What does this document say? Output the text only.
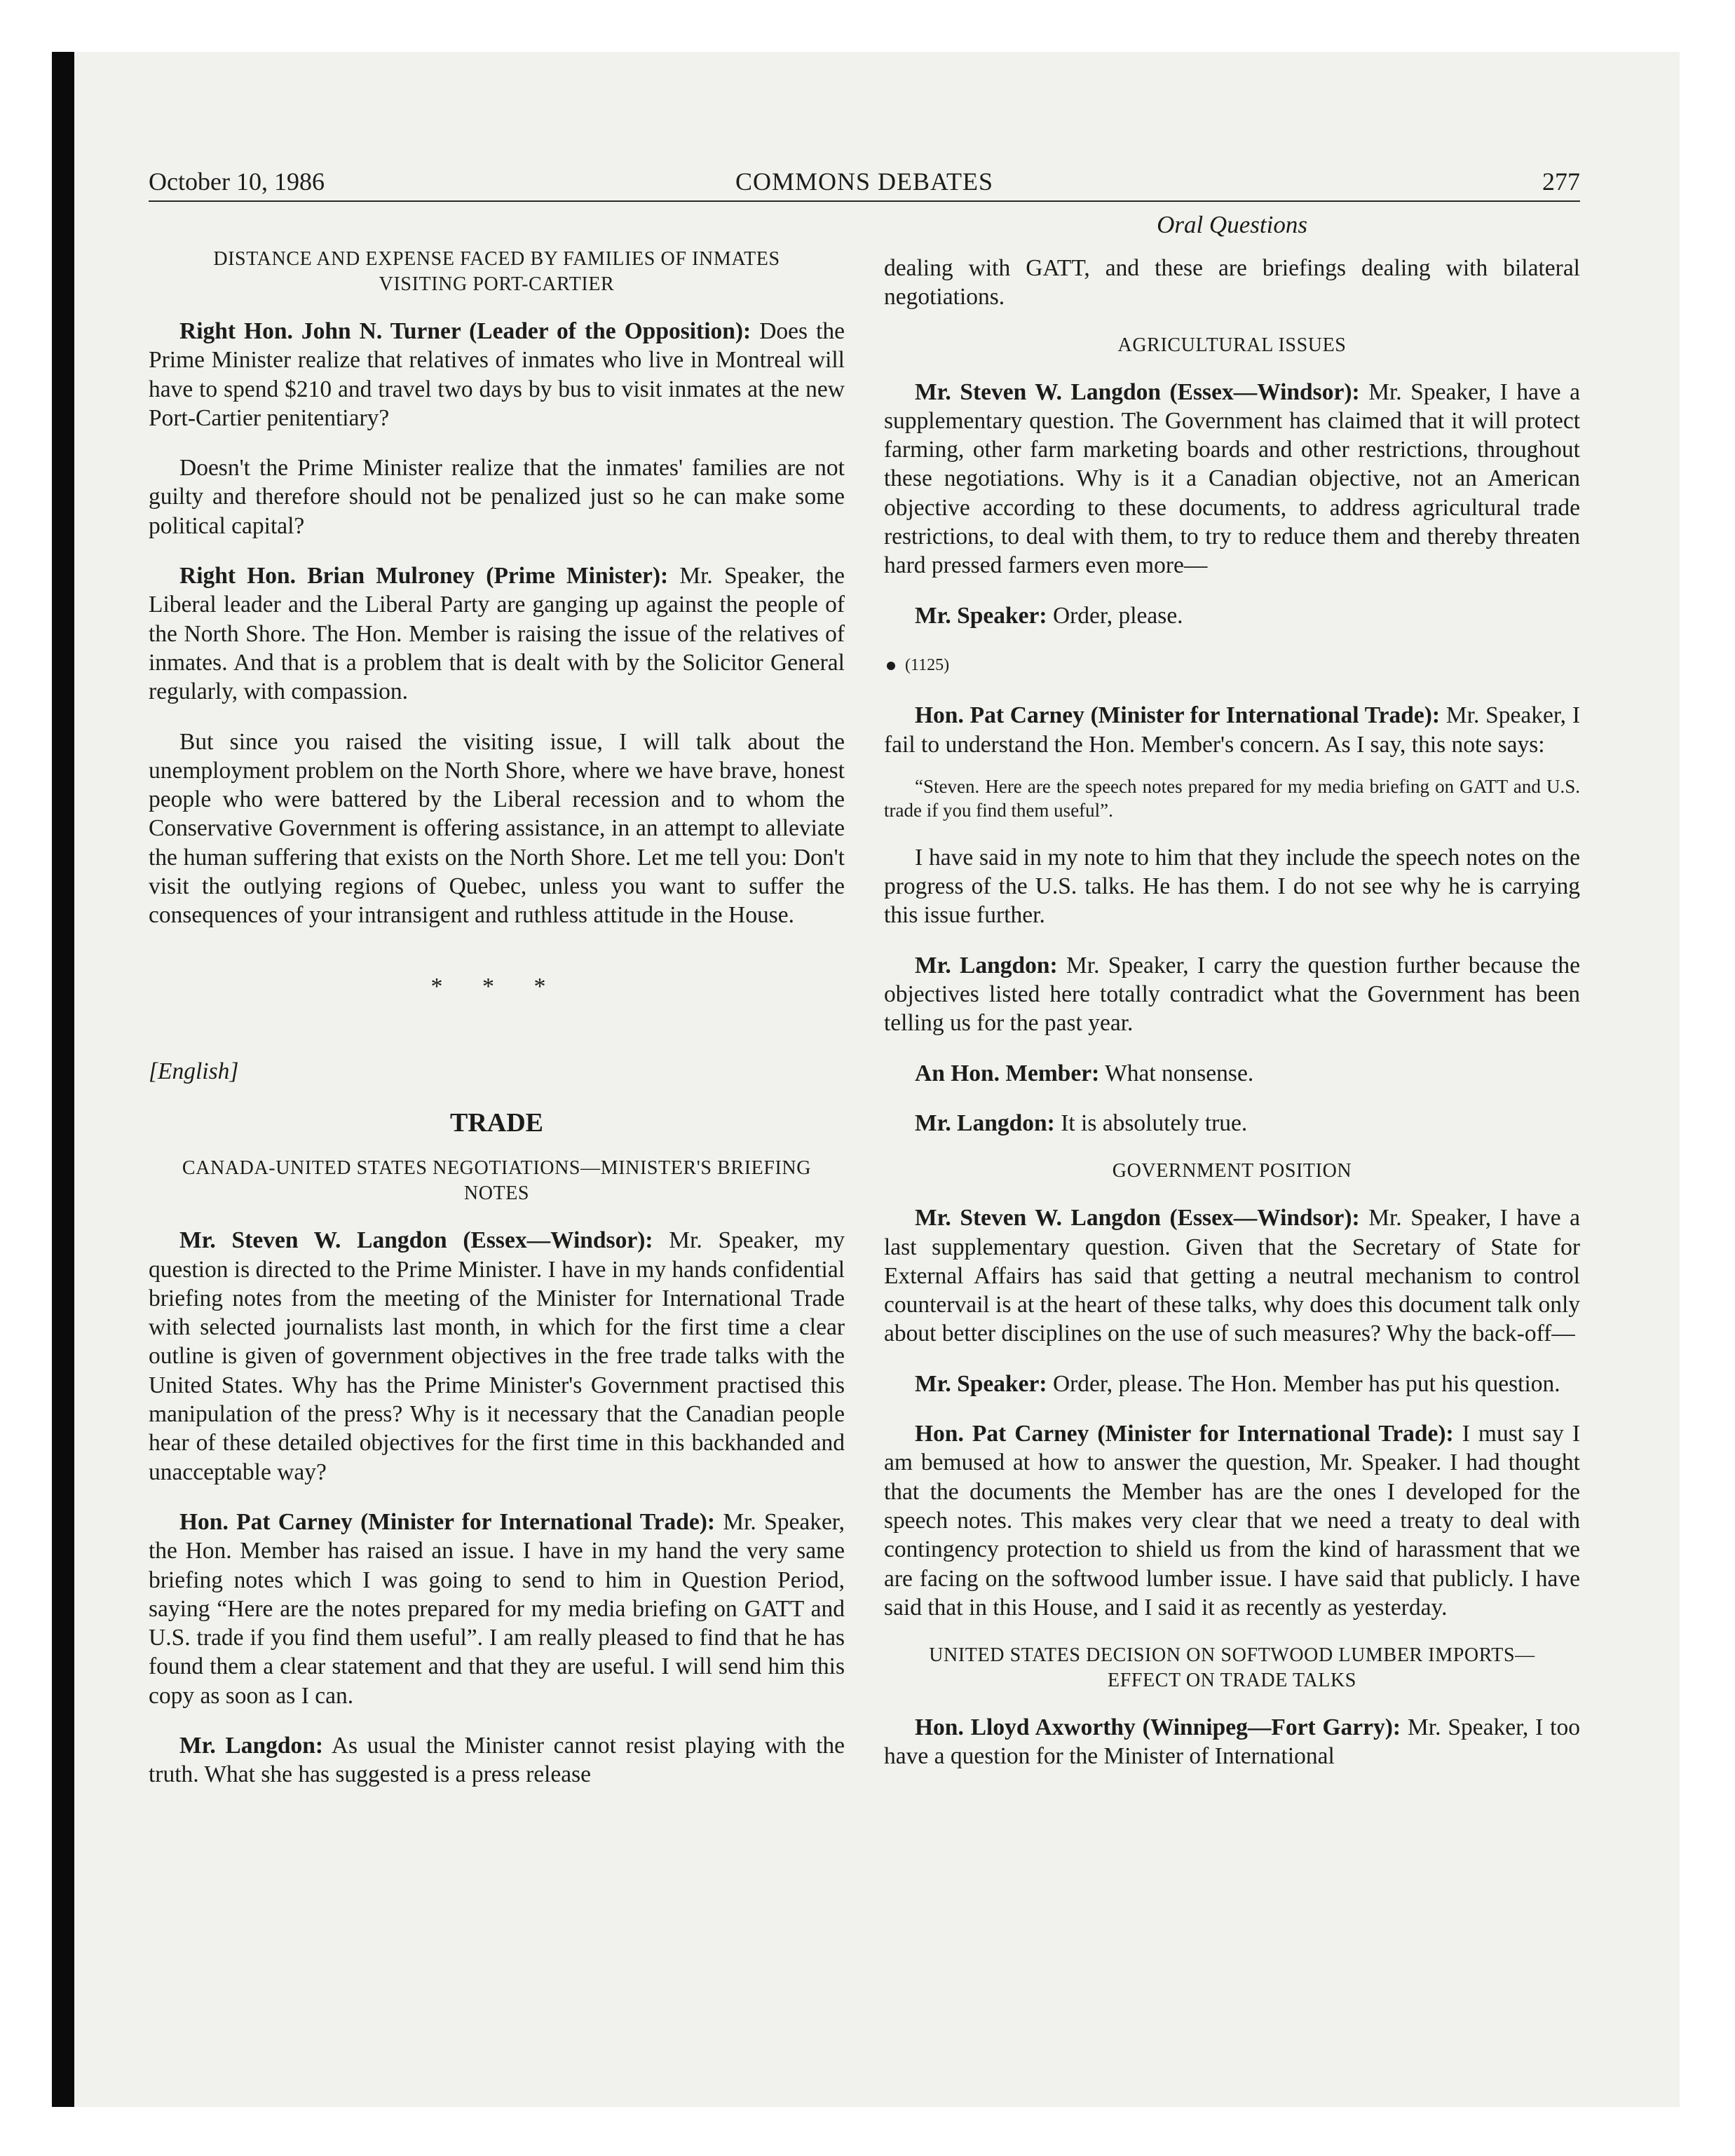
October 10, 1986	COMMONS DEBATES	277
DISTANCE AND EXPENSE FACED BY FAMILIES OF INMATES VISITING PORT-CARTIER

Right Hon. John N. Turner (Leader of the Opposition): Does the Prime Minister realize that relatives of inmates who live in Montreal will have to spend $210 and travel two days by bus to visit inmates at the new Port-Cartier penitentiary?

Doesn't the Prime Minister realize that the inmates' families are not guilty and therefore should not be penalized just so he can make some political capital?

Right Hon. Brian Mulroney (Prime Minister): Mr. Speaker, the Liberal leader and the Liberal Party are ganging up against the people of the North Shore. The Hon. Member is raising the issue of the relatives of inmates. And that is a problem that is dealt with by the Solicitor General regularly, with compassion.

But since you raised the visiting issue, I will talk about the unemployment problem on the North Shore, where we have brave, honest people who were battered by the Liberal recession and to whom the Conservative Government is offering assistance, in an attempt to alleviate the human suffering that exists on the North Shore. Let me tell you: Don't visit the outlying regions of Quebec, unless you want to suffer the consequences of your intransigent and ruthless attitude in the House.

* * *

[English]

TRADE
CANADA-UNITED STATES NEGOTIATIONS—MINISTER'S BRIEFING NOTES

Mr. Steven W. Langdon (Essex—Windsor): Mr. Speaker, my question is directed to the Prime Minister. I have in my hands confidential briefing notes from the meeting of the Minister for International Trade with selected journalists last month, in which for the first time a clear outline is given of government objectives in the free trade talks with the United States. Why has the Prime Minister's Government practised this manipulation of the press? Why is it necessary that the Canadian people hear of these detailed objectives for the first time in this backhanded and unacceptable way?

Hon. Pat Carney (Minister for International Trade): Mr. Speaker, the Hon. Member has raised an issue. I have in my hand the very same briefing notes which I was going to send to him in Question Period, saying “Here are the notes prepared for my media briefing on GATT and U.S. trade if you find them useful”. I am really pleased to find that he has found them a clear statement and that they are useful. I will send him this copy as soon as I can.

Mr. Langdon: As usual the Minister cannot resist playing with the truth. What she has suggested is a press release

Oral Questions

dealing with GATT, and these are briefings dealing with bilateral negotiations.

AGRICULTURAL ISSUES

Mr. Steven W. Langdon (Essex—Windsor): Mr. Speaker, I have a supplementary question. The Government has claimed that it will protect farming, other farm marketing boards and other restrictions, throughout these negotiations. Why is it a Canadian objective, not an American objective according to these documents, to address agricultural trade restrictions, to deal with them, to try to reduce them and thereby threaten hard pressed farmers even more—

Mr. Speaker: Order, please.

(1125)

Hon. Pat Carney (Minister for International Trade): Mr. Speaker, I fail to understand the Hon. Member's concern. As I say, this note says:

“Steven. Here are the speech notes prepared for my media briefing on GATT and U.S. trade if you find them useful”.

I have said in my note to him that they include the speech notes on the progress of the U.S. talks. He has them. I do not see why he is carrying this issue further.

Mr. Langdon: Mr. Speaker, I carry the question further because the objectives listed here totally contradict what the Government has been telling us for the past year.

An Hon. Member: What nonsense.

Mr. Langdon: It is absolutely true.

GOVERNMENT POSITION

Mr. Steven W. Langdon (Essex—Windsor): Mr. Speaker, I have a last supplementary question. Given that the Secretary of State for External Affairs has said that getting a neutral mechanism to control countervail is at the heart of these talks, why does this document talk only about better disciplines on the use of such measures? Why the back-off—

Mr. Speaker: Order, please. The Hon. Member has put his question.

Hon. Pat Carney (Minister for International Trade): I must say I am bemused at how to answer the question, Mr. Speaker. I had thought that the documents the Member has are the ones I developed for the speech notes. This makes very clear that we need a treaty to deal with contingency protection to shield us from the kind of harassment that we are facing on the softwood lumber issue. I have said that publicly. I have said that in this House, and I said it as recently as yesterday.

UNITED STATES DECISION ON SOFTWOOD LUMBER IMPORTS—EFFECT ON TRADE TALKS

Hon. Lloyd Axworthy (Winnipeg—Fort Garry): Mr. Speaker, I too have a question for the Minister of International
